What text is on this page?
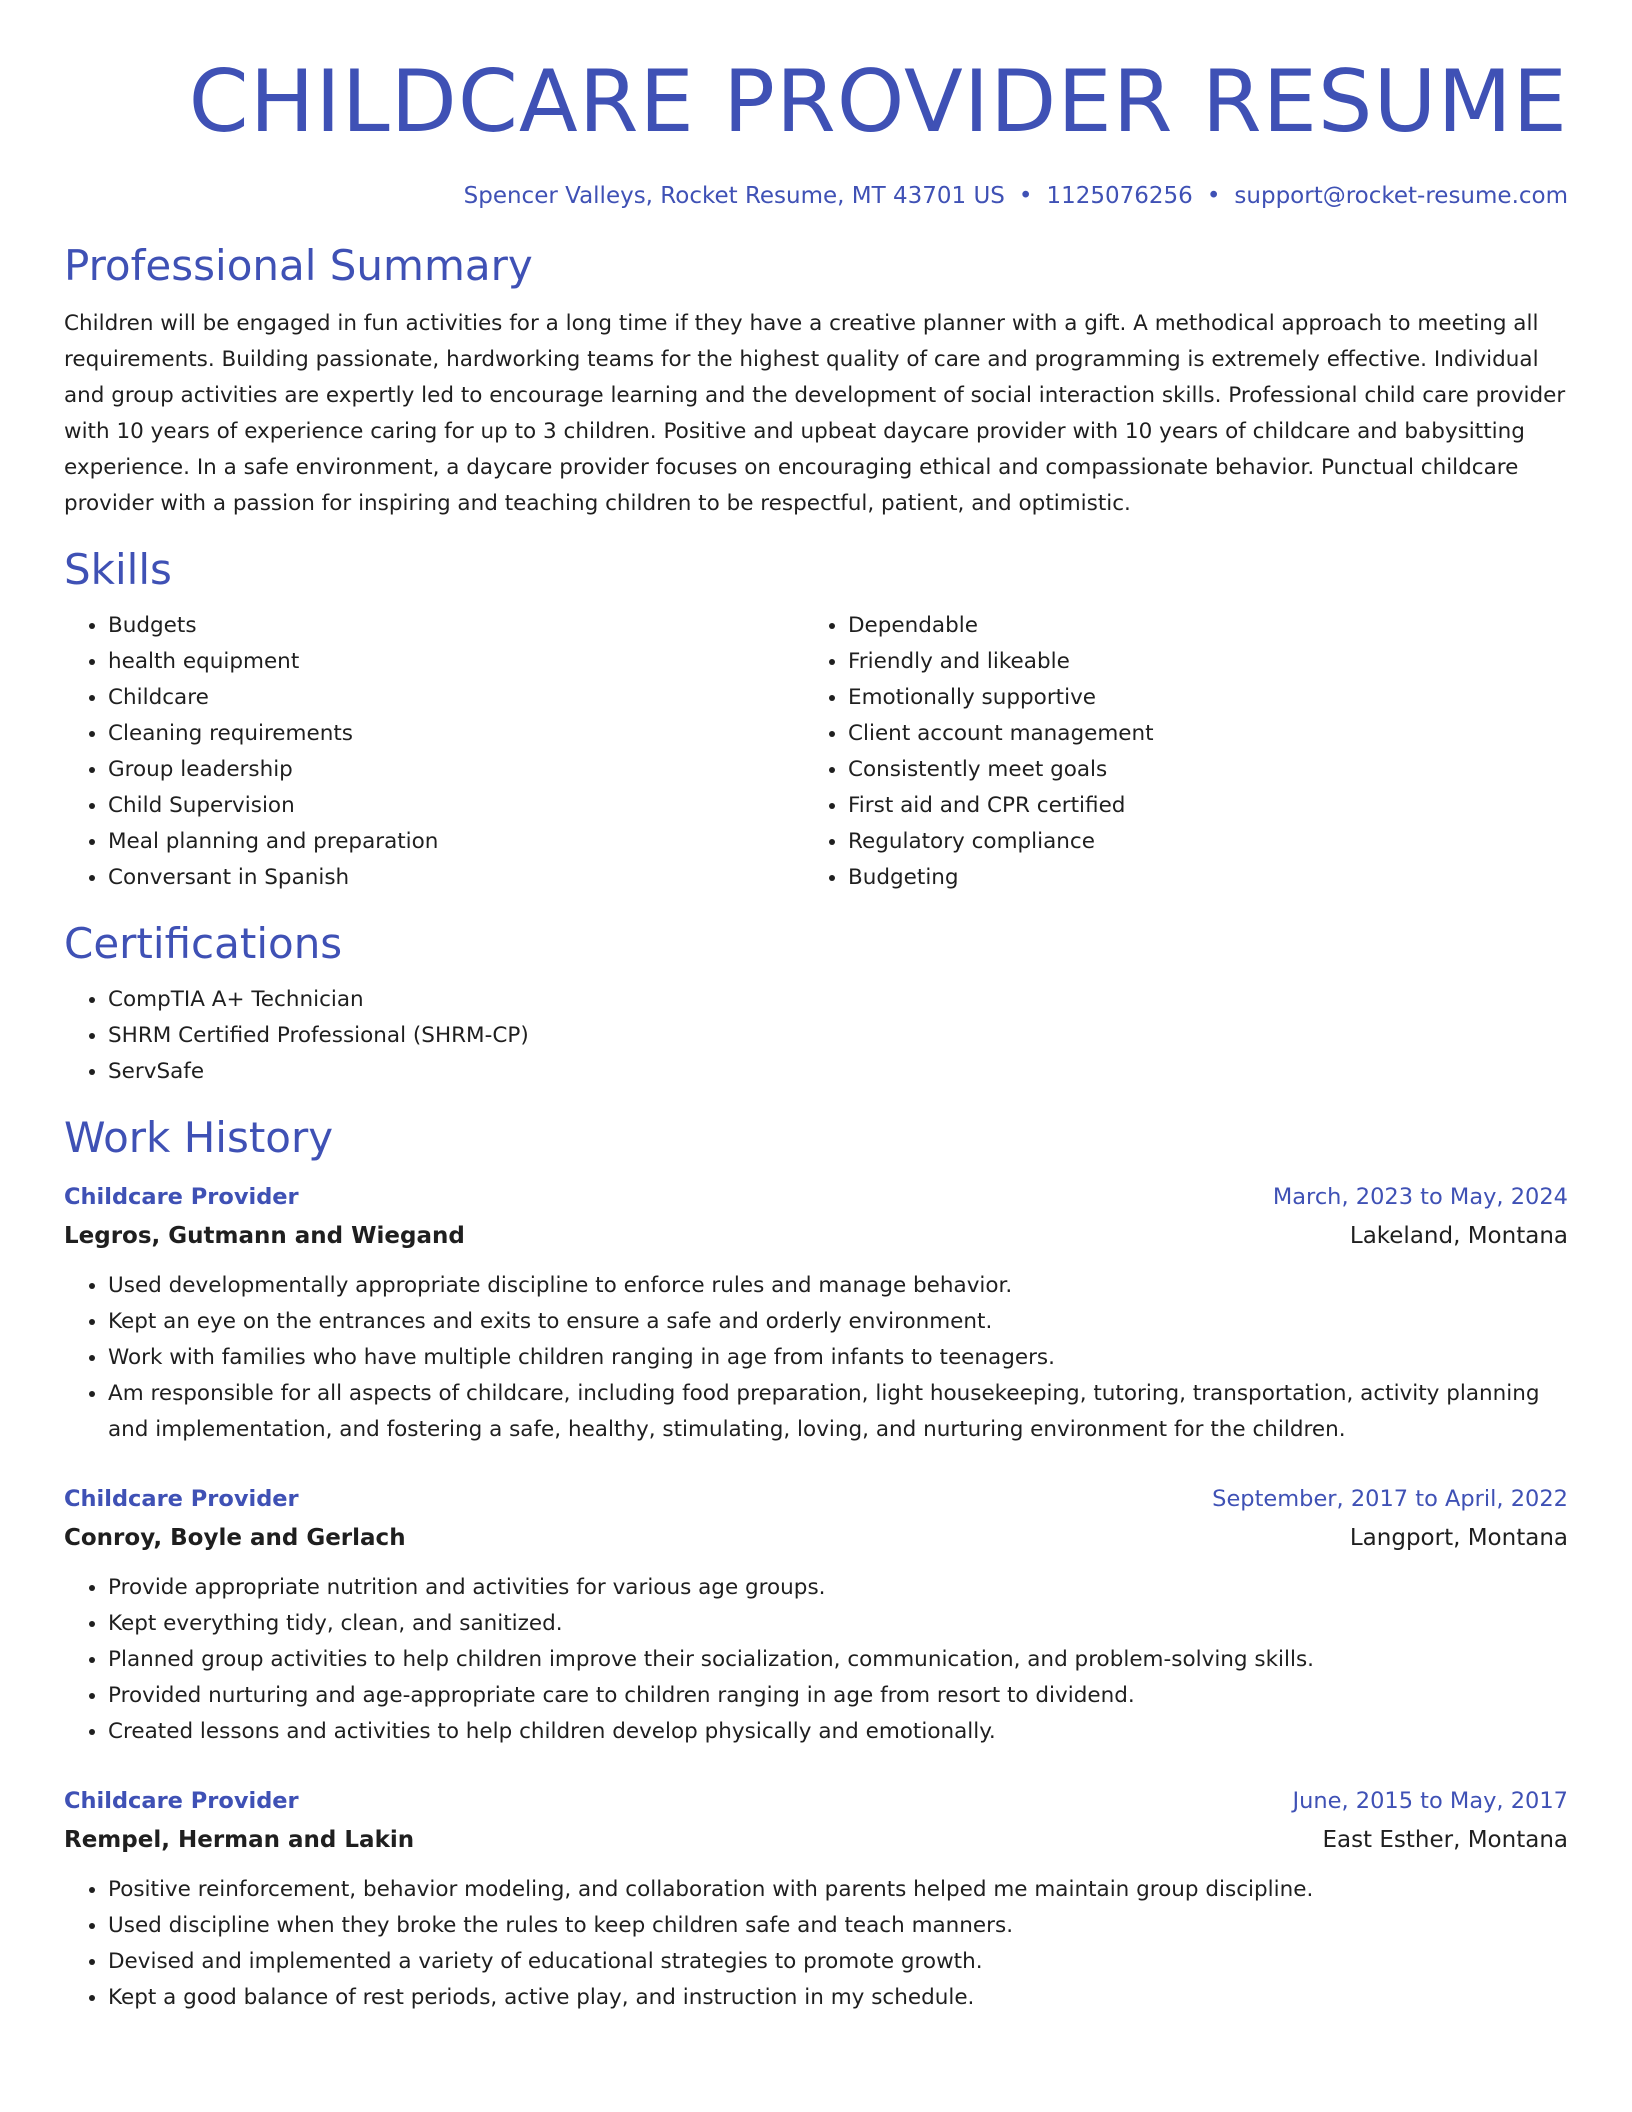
CHILDCARE PROVIDER RESUME
Spencer Valleys, Rocket Resume, MT 43701 US • 1125076256 • support@rocket-resume.com
Professional Summary

Children will be engaged in fun activities for a long time if they have a creative planner with a gift. A methodical approach to meeting all requirements. Building passionate, hardworking teams for the highest quality of care and programming is extremely effective. Individual and group activities are expertly led to encourage learning and the development of social interaction skills. Professional child care provider with 10 years of experience caring for up to 3 children. Positive and upbeat daycare provider with 10 years of childcare and babysitting experience. In a safe environment, a daycare provider focuses on encouraging ethical and compassionate behavior. Punctual childcare provider with a passion for inspiring and teaching children to be respectful, patient, and optimistic.

Skills
• Budgets
• health equipment
• Childcare
• Cleaning requirements
• Group leadership
• Child Supervision
• Meal planning and preparation
• Conversant in Spanish
• Dependable
• Friendly and likeable
• Emotionally supportive
• Client account management
• Consistently meet goals
• First aid and CPR certified
• Regulatory compliance
• Budgeting
Certifications
• CompTIA A+ Technician
• SHRM Certified Professional (SHRM-CP)
• ServSafe
Work History
Childcare Provider	March, 2023 to May, 2024
Legros, Gutmann and Wiegand	Lakeland, Montana
• Used developmentally appropriate discipline to enforce rules and manage behavior.
• Kept an eye on the entrances and exits to ensure a safe and orderly environment.
• Work with families who have multiple children ranging in age from infants to teenagers.
• Am responsible for all aspects of childcare, including food preparation, light housekeeping, tutoring, transportation, activity planning and implementation, and fostering a safe, healthy, stimulating, loving, and nurturing environment for the children.
Childcare Provider	September, 2017 to April, 2022
Conroy, Boyle and Gerlach	Langport, Montana
• Provide appropriate nutrition and activities for various age groups.
• Kept everything tidy, clean, and sanitized.
• Planned group activities to help children improve their socialization, communication, and problem-solving skills.
• Provided nurturing and age-appropriate care to children ranging in age from resort to dividend.
• Created lessons and activities to help children develop physically and emotionally.
Childcare Provider	June, 2015 to May, 2017
Rempel, Herman and Lakin	East Esther, Montana
• Positive reinforcement, behavior modeling, and collaboration with parents helped me maintain group discipline.
• Used discipline when they broke the rules to keep children safe and teach manners.
• Devised and implemented a variety of educational strategies to promote growth.
• Kept a good balance of rest periods, active play, and instruction in my schedule.
